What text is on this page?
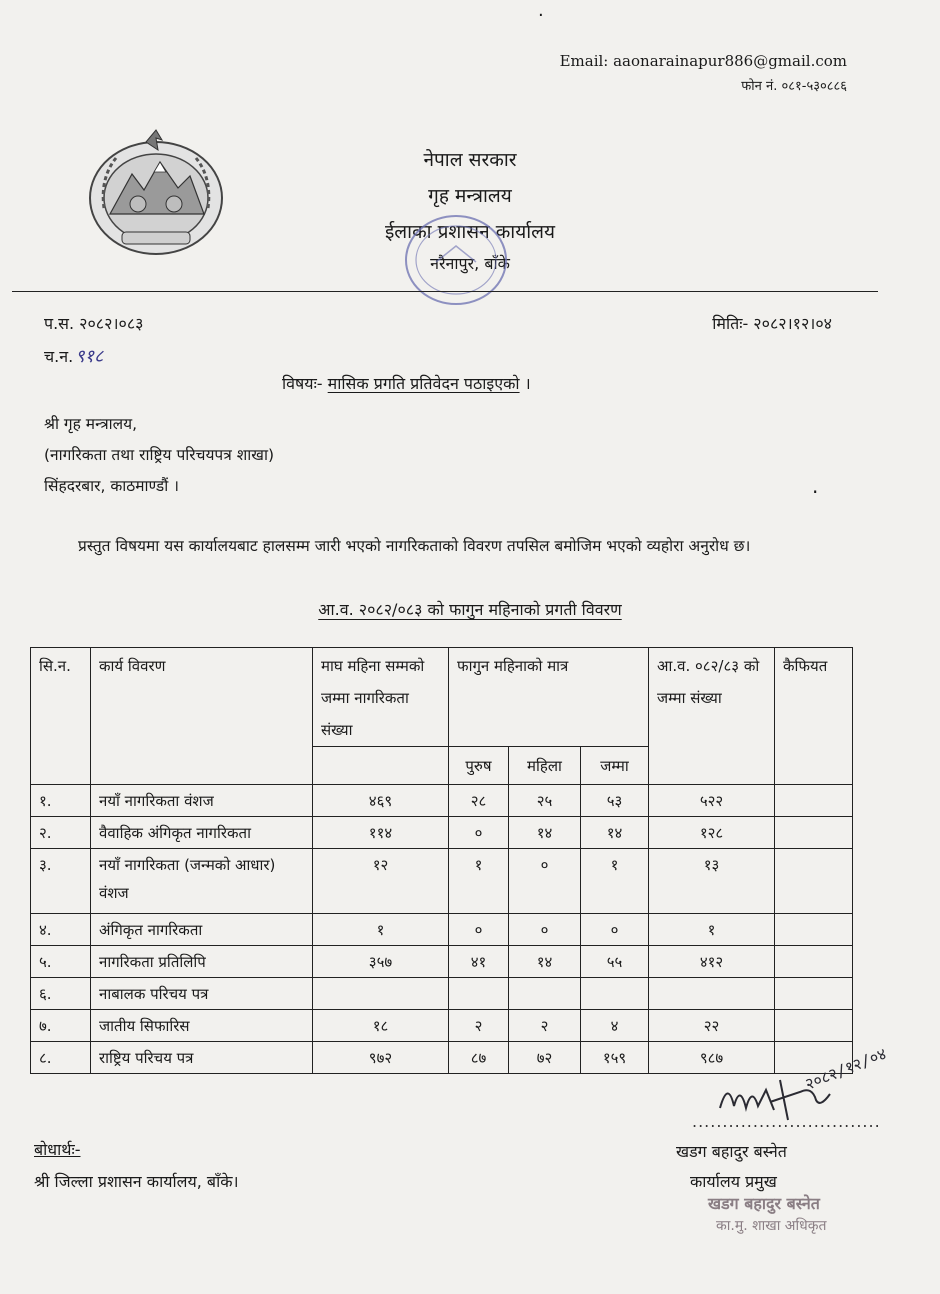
Email: aaonarainapur886@gmail.com
फोन नं. ०८१-५३०८८६
.
नेपाल सरकार
गृह मन्त्रालय
ईलाका प्रशासन कार्यालय
नरैनापुर, बाँके
प.स. २०८२।०८३
च.न. ९१८
मितिः- २०८२।१२।०४
विषयः- मासिक प्रगति प्रतिवेदन पठाइएको ।
श्री गृह मन्त्रालय,
(नागरिकता तथा राष्ट्रिय परिचयपत्र शाखा)
सिंहदरबार, काठमाण्डौं ।	·
प्रस्तुत विषयमा यस कार्यालयबाट हालसम्म जारी भएको नागरिकताको विवरण तपसिल बमोजिम भएको व्यहोरा अनुरोध छ।
आ.व. २०८२/०८३ को फागुन महिनाको प्रगती विवरण
सि.न.	कार्य विवरण	माघ महिना सम्मको जम्मा नागरिकता संख्या	फागुन महिनाको मात्र			आ.व. ०८२/८३ को जम्मा संख्या	कैफियत
			पुरुष	महिला	जम्मा		
१.	नयाँ नागरिकता वंशज	४६९	२८	२५	५३	५२२	
२.	वैवाहिक अंगिकृत नागरिकता	११४	०	१४	१४	१२८	
३.	नयाँ नागरिकता (जन्मको आधार) वंशज	१२	१	०	१	१३	
४.	अंगिकृत नागरिकता	१	०	०	०	१	
५.	नागरिकता प्रतिलिपि	३५७	४१	१४	५५	४१२	
६.	नाबालक परिचय पत्र						
७.	जातीय सिफारिस	१८	२	२	४	२२	
८.	राष्ट्रिय परिचय पत्र	९७२	८७	७२	१५९	९८७	
बोधार्थः-
श्री जिल्ला प्रशासन कार्यालय, बाँके।
२०८२/१२/०४
...............................
खडग बहादुर बस्नेत
कार्यालय प्रमुख
खडग बहादुर बस्नेत
का.मु. शाखा अधिकृत
